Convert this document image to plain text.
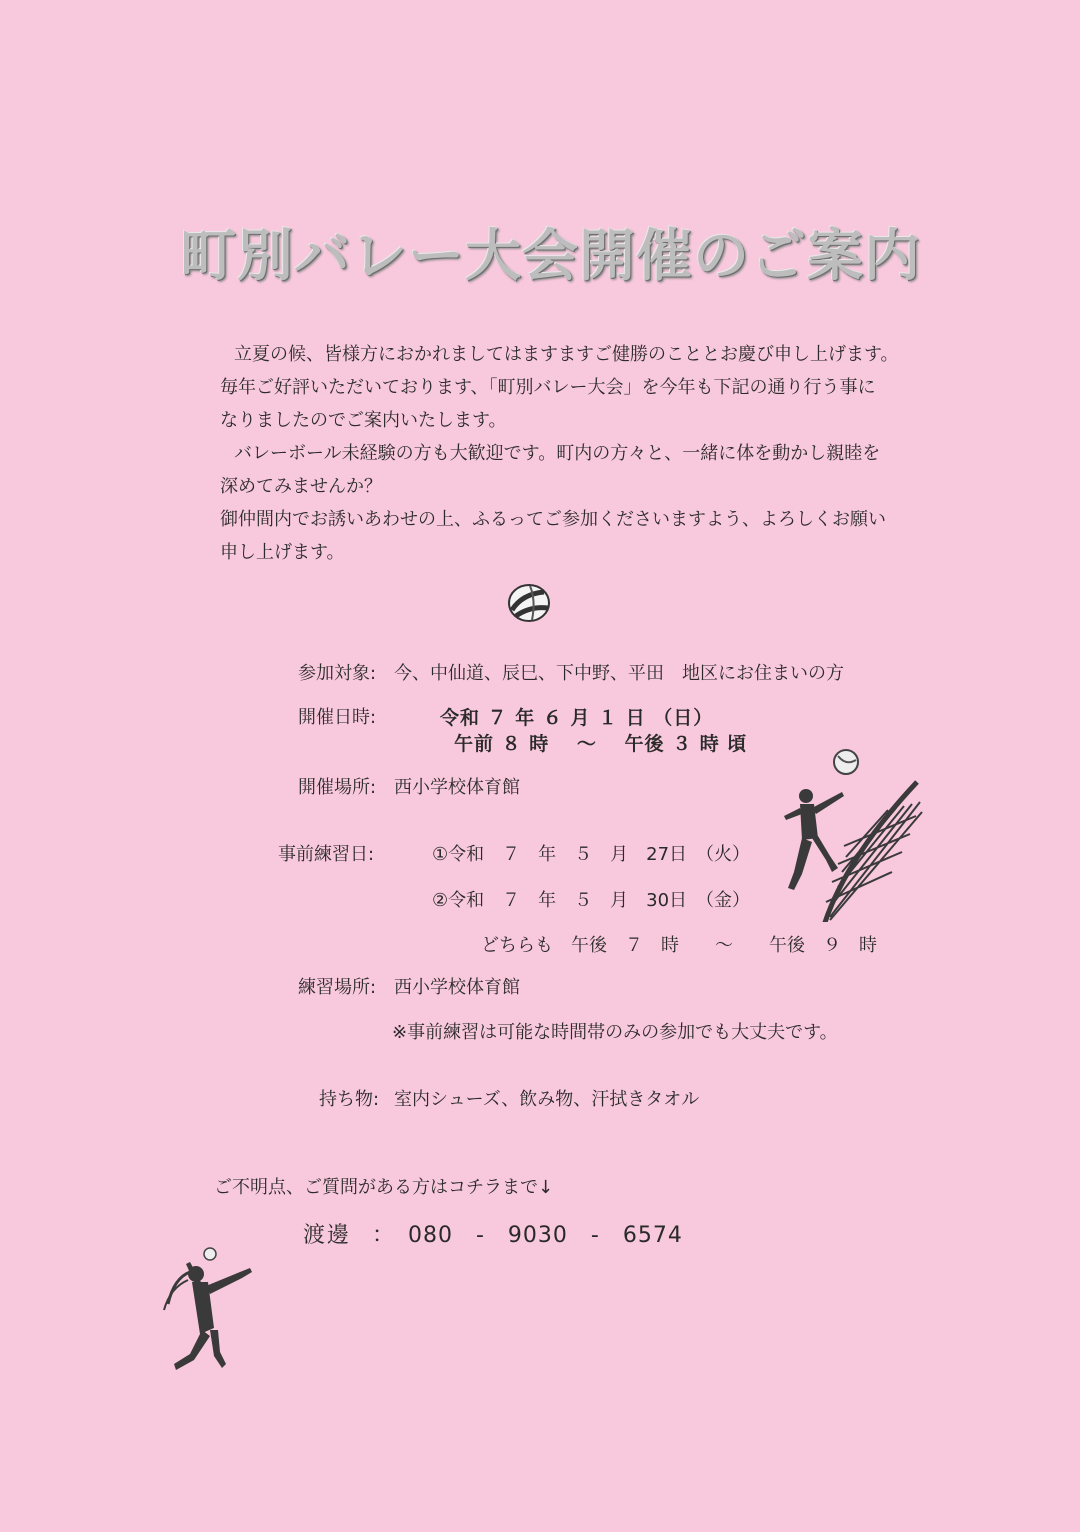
町別バレー大会開催のご案内

立夏の候、皆様方におかれましてはますますご健勝のこととお慶び申し上げます。

毎年ご好評いただいております、「町別バレー大会」を今年も下記の通り行う事に

なりましたのでご案内いたします。

バレーボール未経験の方も大歓迎です。町内の方々と、一緒に体を動かし親睦を

深めてみませんか？

御仲間内でお誘いあわせの上、ふるってご参加くださいますよう、よろしくお願い

申し上げます。

参加対象: 今、中仙道、辰巳、下中野、平田　地区にお住まいの方
開催日時:	令和 ７ 年 ６ 月 １ 日 （日）
午前 ８ 時　 ～　 午後 ３ 時 頃
開催場所: 西小学校体育館
事前練習日:	①令和　７　年　５　月　27日　（火）
②令和　７　年　５　月　30日　（金）
どちらも　午後　７　時　　～　　午後　９　時
練習場所: 西小学校体育館
※事前練習は可能な時間帯のみの参加でも大丈夫です。
持ち物: 室内シューズ、飲み物、汗拭きタオル
ご不明点、ご質問がある方はコチラまで↓
渡邊 ： 080　-　9030　-　6574
